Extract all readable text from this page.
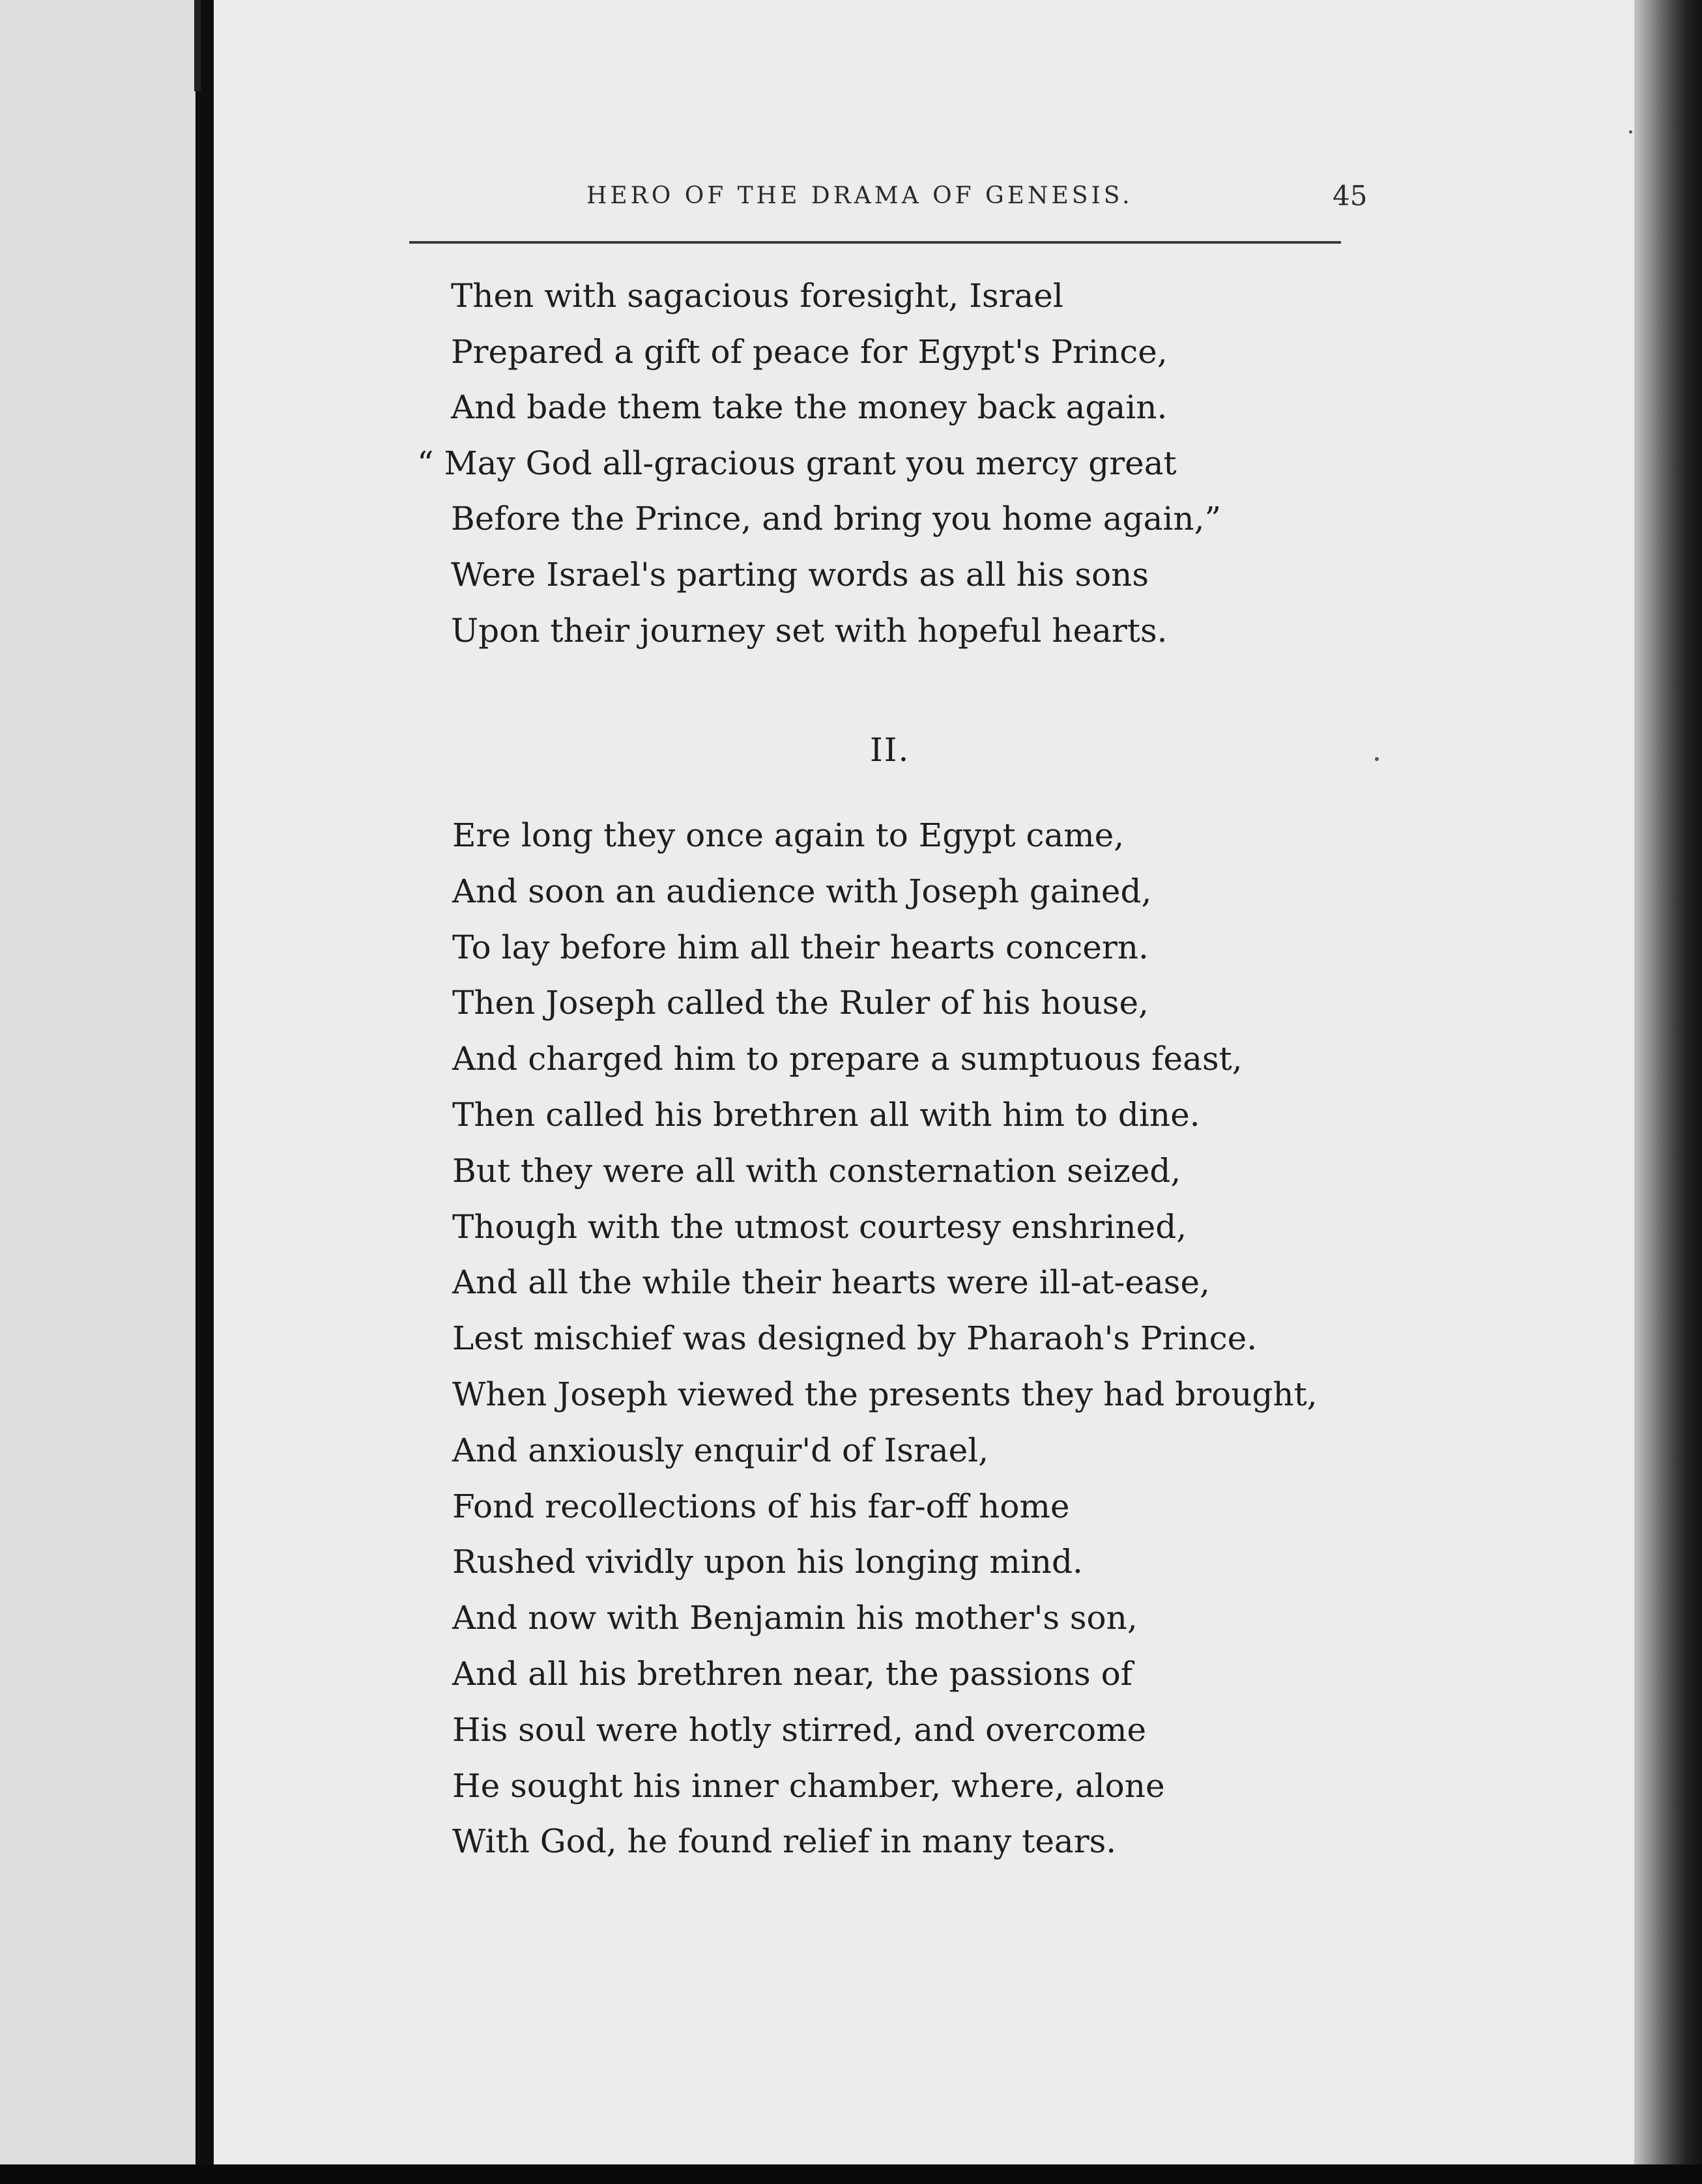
HERO OF THE DRAMA OF GENESIS.	45
Then with sagacious foresight, Israel
Prepared a gift of peace for Egypt's Prince,
And bade them take the money back again.
“ May God all-gracious grant you mercy great
Before the Prince, and bring you home again,”
Were Israel's parting words as all his sons
Upon their journey set with hopeful hearts.
II.
Ere long they once again to Egypt came,
And soon an audience with Joseph gained,
To lay before him all their hearts concern.
Then Joseph called the Ruler of his house,
And charged him to prepare a sumptuous feast,
Then called his brethren all with him to dine.
But they were all with consternation seized,
Though with the utmost courtesy enshrined,
And all the while their hearts were ill-at-ease,
Lest mischief was designed by Pharaoh's Prince.
When Joseph viewed the presents they had brought,
And anxiously enquir'd of Israel,
Fond recollections of his far-off home
Rushed vividly upon his longing mind.
And now with Benjamin his mother's son,
And all his brethren near, the passions of
His soul were hotly stirred, and overcome
He sought his inner chamber, where, alone
With God, he found relief in many tears.
